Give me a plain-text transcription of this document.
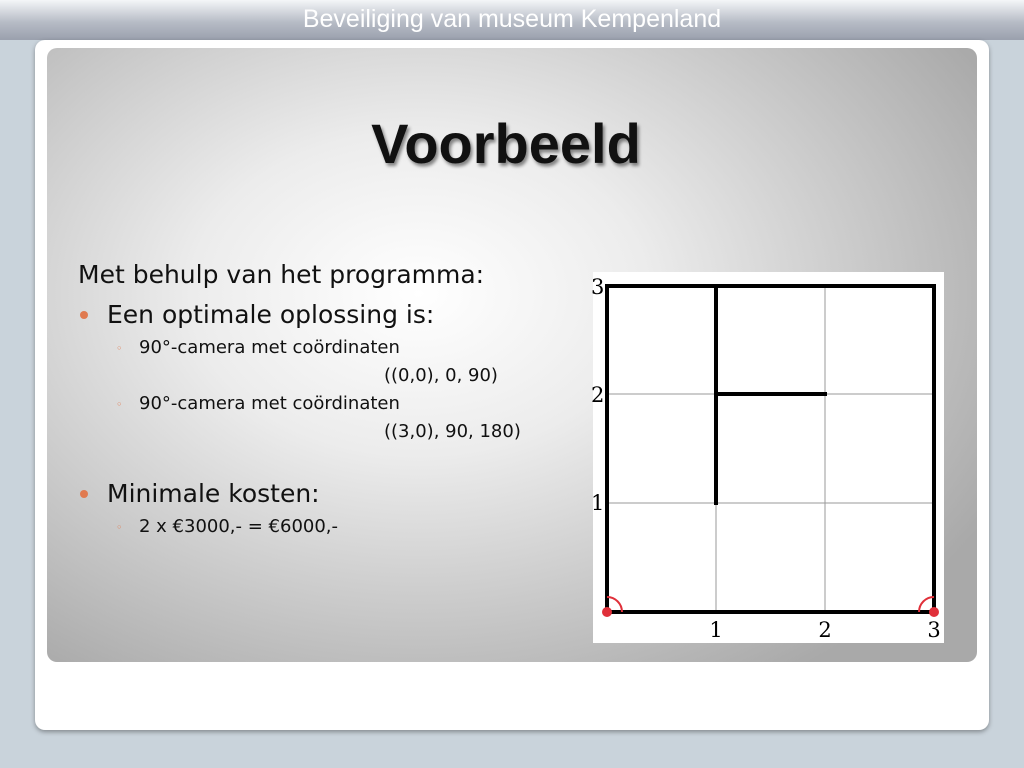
Beveiliging van museum Kempenland
Voorbeeld
Met behulp van het programma:
Een optimale oplossing is:
◦ 90°-camera met coördinaten
((0,0), 0, 90)
◦ 90°-camera met coördinaten
((3,0), 90, 180)
Minimale kosten:
◦ 2 x €3000,- = €6000,-
1	2	3
1
2
3
